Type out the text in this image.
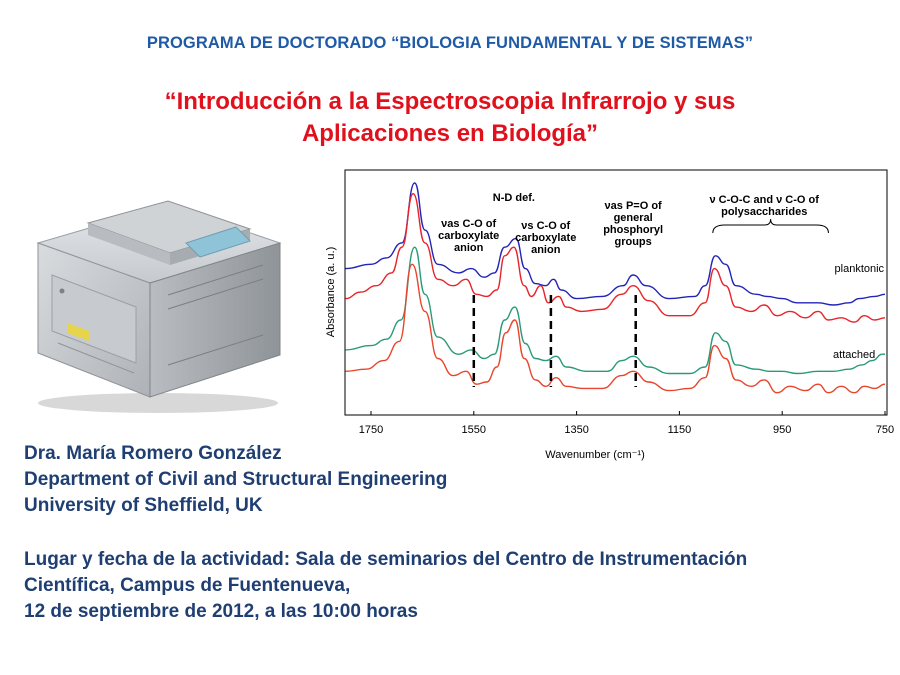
PROGRAMA DE DOCTORADO “BIOLOGIA FUNDAMENTAL Y DE SISTEMAS”
“Introducción a la Espectroscopia Infrarrojo y sus
Aplicaciones en Biología”
νas C-O of
carboxylate
anion
N-D def.
νs C-O of
carboxylate
anion
νas P=O of
general
phosphoryl
groups
ν C-O-C and ν C-O of
polysaccharides
planktonic
attached
1750	1550	1350	1150	950	750
Wavenumber (cm⁻¹)
Absorbance (a. u.)
Dra. María Romero González
Department of Civil and Structural Engineering
University of Sheffield, UK
Lugar y fecha de la actividad: Sala de seminarios del Centro de Instrumentación
Científica, Campus de Fuentenueva,
12 de septiembre de 2012, a las 10:00 horas
